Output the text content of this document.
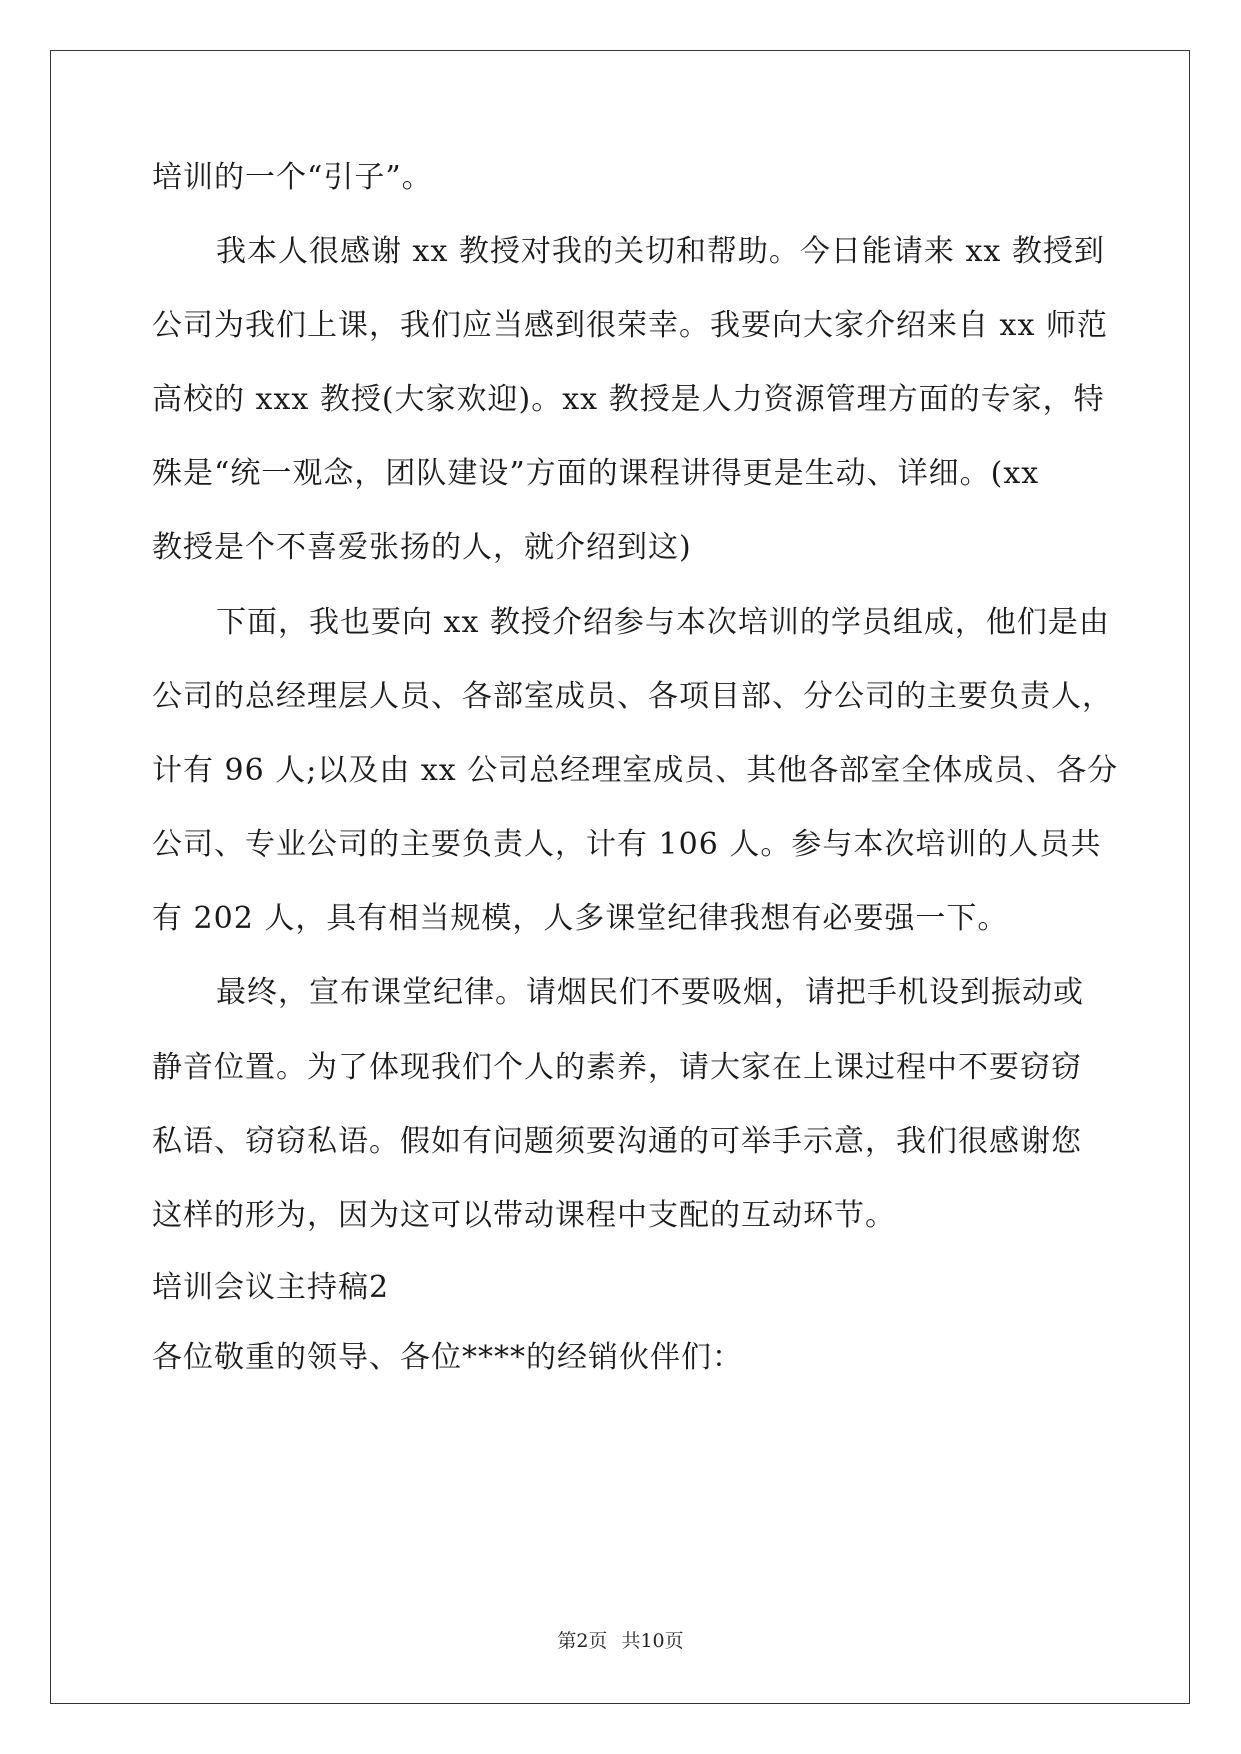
培训的一个“引子”。
我本人很感谢 xx 教授对我的关切和帮助。今日能请来 xx 教授到
公司为我们上课，我们应当感到很荣幸。我要向大家介绍来自 xx 师范
高校的 xxx 教授(大家欢迎)。xx 教授是人力资源管理方面的专家，特
殊是“统一观念，团队建设”方面的课程讲得更是生动、详细。(xx
教授是个不喜爱张扬的人，就介绍到这)
下面，我也要向 xx 教授介绍参与本次培训的学员组成，他们是由
公司的总经理层人员、各部室成员、各项目部、分公司的主要负责人，
计有 96 人;以及由 xx 公司总经理室成员、其他各部室全体成员、各分
公司、专业公司的主要负责人，计有 106 人。参与本次培训的人员共
有 202 人，具有相当规模，人多课堂纪律我想有必要强一下。
最终，宣布课堂纪律。请烟民们不要吸烟，请把手机设到振动或
静音位置。为了体现我们个人的素养，请大家在上课过程中不要窃窃
私语、窃窃私语。假如有问题须要沟通的可举手示意，我们很感谢您
这样的形为，因为这可以带动课程中支配的互动环节。
培训会议主持稿2
各位敬重的领导、各位****的经销伙伴们：
第2页 共10页
